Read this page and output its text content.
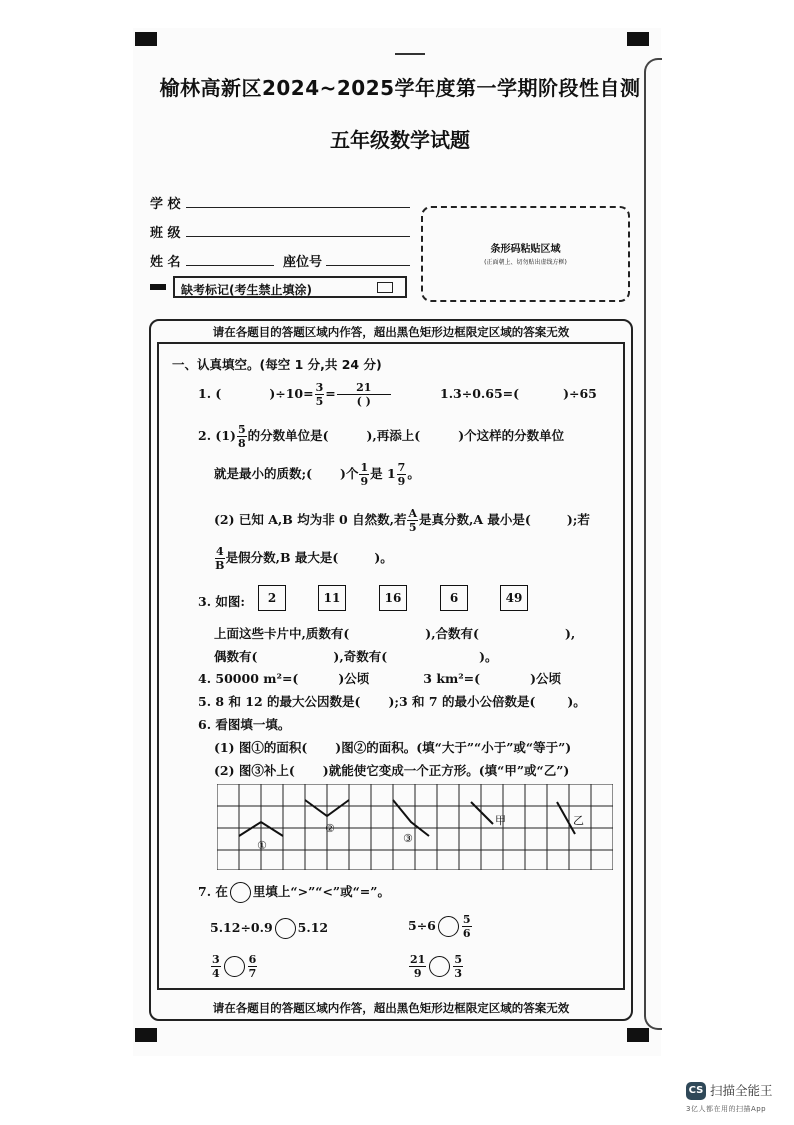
榆林高新区2024~2025学年度第一学期阶段性自测
五年级数学试题
学 校
班 级
姓 名	座位号
缺考标记(考生禁止填涂)
条形码粘贴区域
(正面朝上、切勿贴出虚线方框)
请在各题目的答题区域内作答，超出黑色矩形边框限定区域的答案无效
一、认真填空。(每空 1 分,共 24 分)
1. (	)$\div 10= \frac{3}{5} = \frac{21}{( )}$	1.3÷0.65=(	)÷65
2. $(1) \frac{5}{8}$ 的分数单位是(	),再添上(	)个这样的分数单位
就是最小的质数;( )个 $\frac{1}{9}$ 是 $1 \frac{7}{9}$ 。
(2) 已知 A,B 均为非 0 自然数,若 $\frac{A}{5}$ 是真分数,A 最小是(	);若
$\frac{4}{B}$ 是假分数,B 最大是(	)。
3. 如图:	2	11	16	6	49
上面这些卡片中,质数有(	),合数有(	),
偶数有(	),奇数有(	)。
4. 50000 m²=(	)公顷	3 km²=(	)公顷
5. 8 和 12 的最大公因数是( );3 和 7 的最小公倍数是(	)。
6. 看图填一填。
(1) 图①的面积( )图②的面积。(填“大于”“小于”或“等于”)
(2) 图③补上( )就能使它变成一个正方形。(填“甲”或“乙”)
①
②
③
甲	乙
7. 在 里填上“>”“<”或“=”。
5.12÷0.9 5.12	$5\div 6 \frac{5}{6}$
$\frac{3}{4} \frac{6}{7}$	$\frac{21}{9} \frac{5}{3}$
请在各题目的答题区域内作答，超出黑色矩形边框限定区域的答案无效
CS 扫描全能王
3亿人都在用的扫描App
